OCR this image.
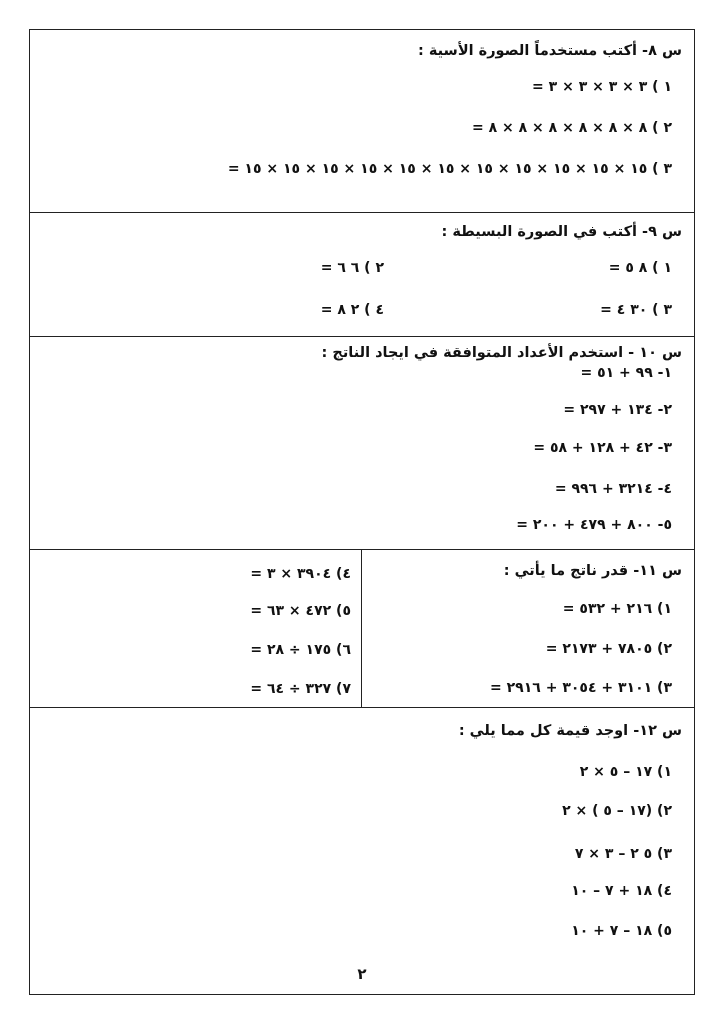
س ٨- أكتب مستخدماً الصورة الأسية :
١ ) ٣ × ٣ × ٣ × ٣ =
٢ ) ٨ × ٨ × ٨ × ٨ × ٨ × ٨ =
٣ ) ١٥ × ١٥ × ١٥ × ١٥ × ١٥ × ١٥ × ١٥ × ١٥ × ١٥ × ١٥ × ١٥ =
س ٩- أكتب في الصورة البسيطة :
١ ) ٨ ٥ =
٢ ) ٦ ٦ =
٣ ) ٣٠ ٤ =
٤ ) ٢ ٨ =
س ١٠ - استخدم الأعداد المتوافقة في ايجاد الناتج :
١- ٩٩ + ٥١ =
٢- ١٣٤ + ٢٩٧ =
٣- ٤٢ + ١٢٨ + ٥٨ =
٤- ٣٢١٤ + ٩٩٦ =
٥- ٨٠٠ + ٤٧٩ + ٢٠٠ =
س ١١- قدر ناتج ما يأتي :
١) ٢١٦ + ٥٣٢ =
٢) ٧٨٠٥ + ٢١٧٣ =
٣) ٣١٠١ + ٣٠٥٤ + ٢٩١٦ =
٤) ٣٩٠٤ × ٣ =
٥) ٤٧٢ × ٦٣ =
٦) ١٧٥ ÷ ٢٨ =
٧) ٣٢٧ ÷ ٦٤ =
س ١٢- اوجد قيمة كل مما يلي :
١) ١٧ – ٥ × ٢
٢) (١٧ – ٥ ) × ٢
٣) ٥ ٢ – ٣ × ٧
٤) ١٨ + ٧ – ١٠
٥) ١٨ – ٧ + ١٠
٢
